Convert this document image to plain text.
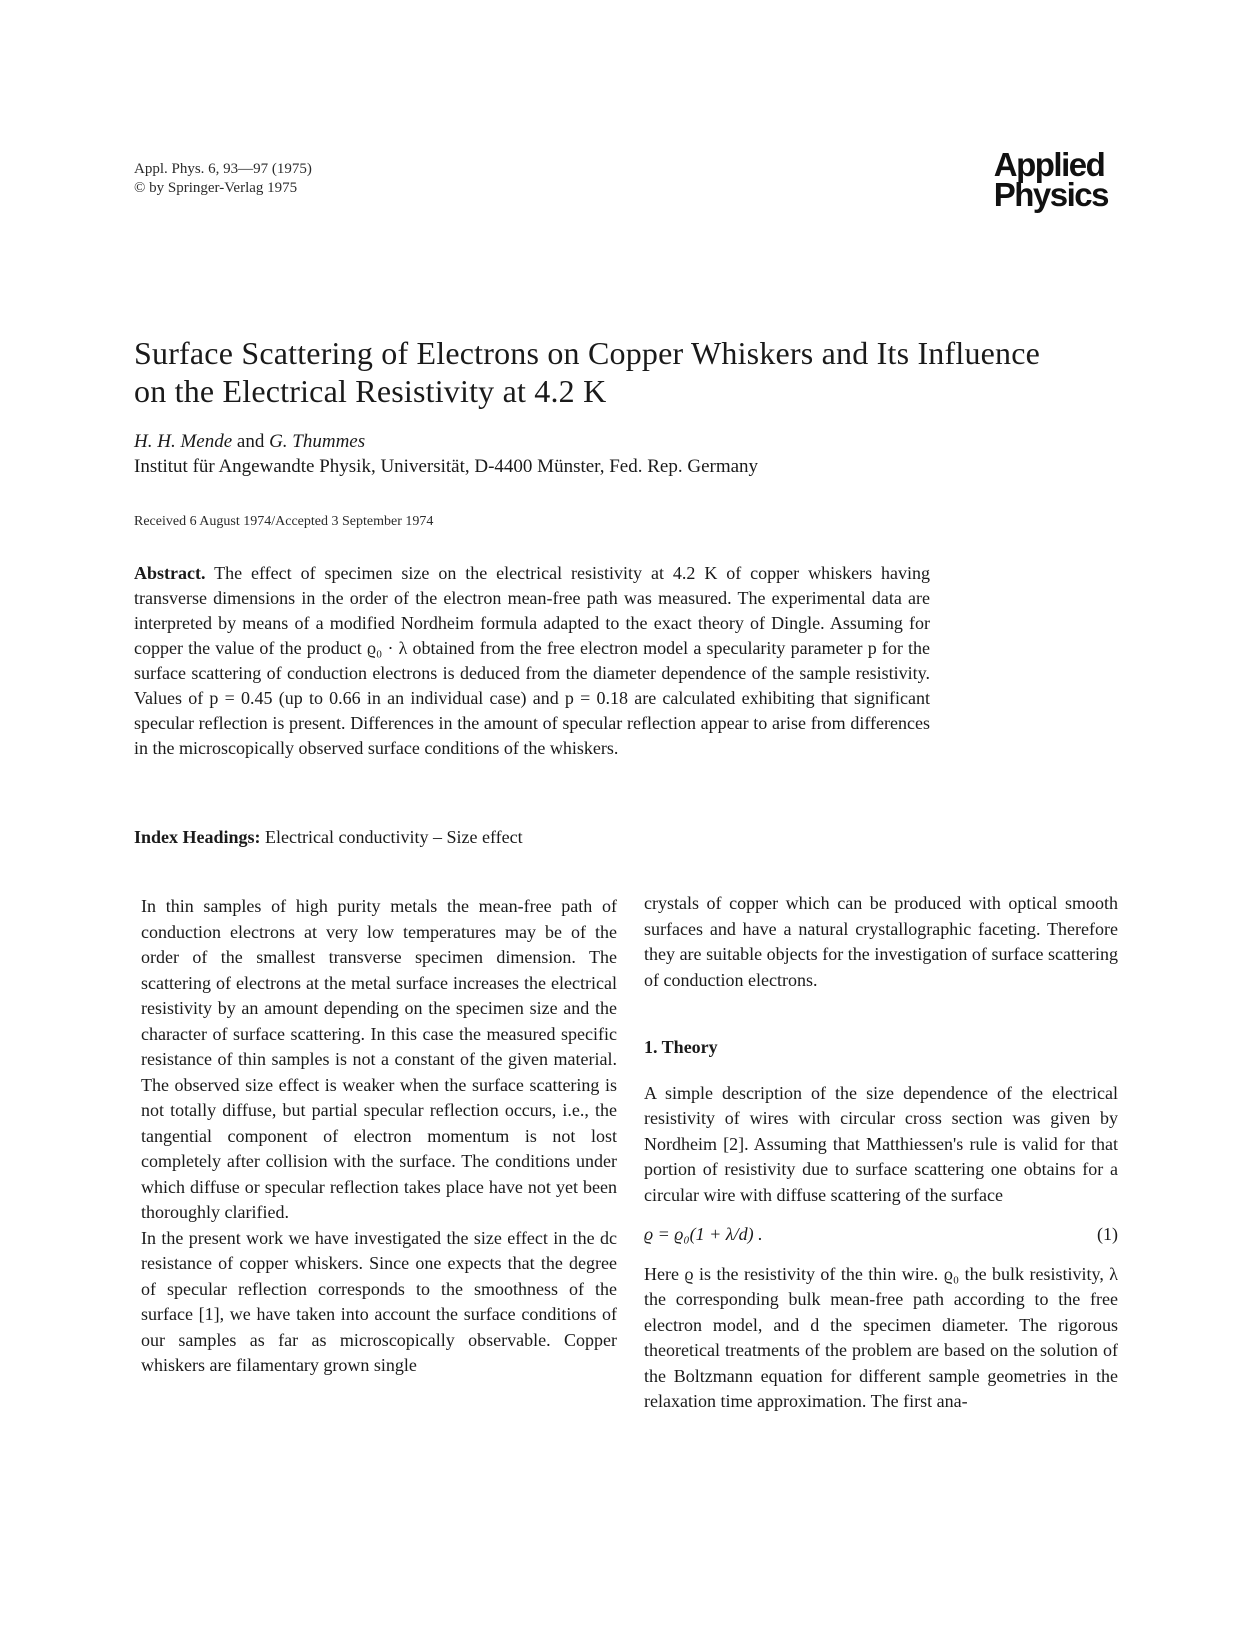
Appl. Phys. 6, 93—97 (1975)
© by Springer-Verlag 1975
Applied
Physics
Surface Scattering of Electrons on Copper Whiskers and Its Influence on the Electrical Resistivity at 4.2 K
H. H. Mende and G. Thummes
Institut für Angewandte Physik, Universität, D-4400 Münster, Fed. Rep. Germany
Received 6 August 1974/Accepted 3 September 1974

Abstract. The effect of specimen size on the electrical resistivity at 4.2 K of copper whiskers having transverse dimensions in the order of the electron mean-free path was measured. The experimental data are interpreted by means of a modified Nordheim formula adapted to the exact theory of Dingle. Assuming for copper the value of the product ϱ₀ · λ obtained from the free electron model a specularity parameter p for the surface scattering of conduction electrons is deduced from the diameter dependence of the sample resistivity. Values of p = 0.45 (up to 0.66 in an individual case) and p = 0.18 are calculated exhibiting that significant specular reflection is present. Differences in the amount of specular reflection appear to arise from differences in the microscopically observed surface conditions of the whiskers.

Index Headings: Electrical conductivity – Size effect

In thin samples of high purity metals the mean-free path of conduction electrons at very low temperatures may be of the order of the smallest transverse specimen dimension. The scattering of electrons at the metal surface increases the electrical resistivity by an amount depending on the specimen size and the character of surface scattering. In this case the measured specific resistance of thin samples is not a constant of the given material. The observed size effect is weaker when the surface scattering is not totally diffuse, but partial specular reflection occurs, i.e., the tangential component of electron momentum is not lost completely after collision with the surface. The conditions under which diffuse or specular reflection takes place have not yet been thoroughly clarified.

In the present work we have investigated the size effect in the dc resistance of copper whiskers. Since one expects that the degree of specular reflection corresponds to the smoothness of the surface [1], we have taken into account the surface conditions of our samples as far as microscopically observable. Copper whiskers are filamentary grown single

crystals of copper which can be produced with optical smooth surfaces and have a natural crystallographic faceting. Therefore they are suitable objects for the investigation of surface scattering of conduction electrons.

1. Theory

A simple description of the size dependence of the electrical resistivity of wires with circular cross section was given by Nordheim [2]. Assuming that Matthiessen's rule is valid for that portion of resistivity due to surface scattering one obtains for a circular wire with diffuse scattering of the surface

ϱ = ϱ₀(1 + λ/d) .	(1)

Here ϱ is the resistivity of the thin wire. ϱ₀ the bulk resistivity, λ the corresponding bulk mean-free path according to the free electron model, and d the specimen diameter. The rigorous theoretical treatments of the problem are based on the solution of the Boltzmann equation for different sample geometries in the relaxation time approximation. The first ana-
